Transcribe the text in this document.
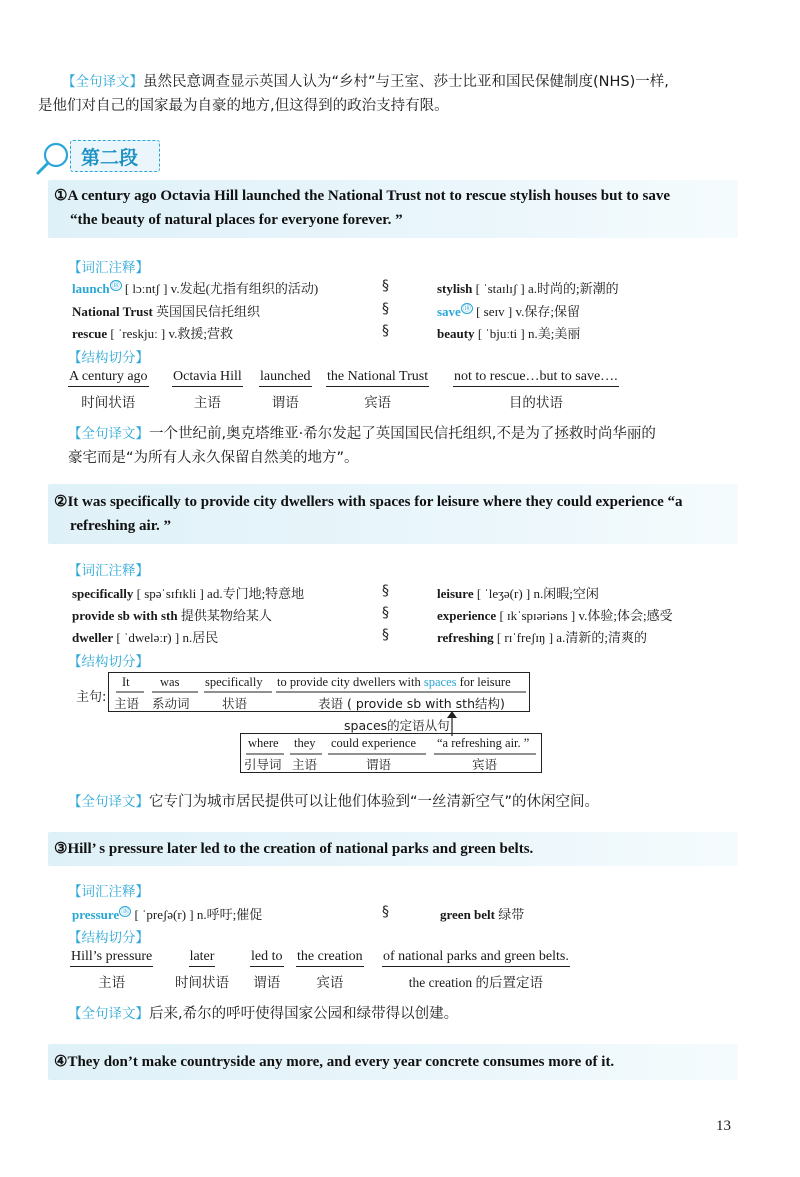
【全句译文】虽然民意调查显示英国人认为“乡村”与王室、莎士比亚和国民保健制度(NHS)一样,
是他们对自己的国家最为自豪的地方,但这得到的政治支持有限。
第二段
①A century ago Octavia Hill launched the National Trust not to rescue stylish houses but to save
“the beauty of natural places for everyone forever. ”
【词汇注释】
launch ⑱ [ lɔːntʃ ] v.发起(尤指有组织的活动)
National Trust 英国国民信托组织
rescue [ ˈreskjuː ] v.救援;营救
§
§
§
stylish [ ˈstaɪlɪʃ ] a.时尚的;新潮的
save ⑱ [ seɪv ] v.保存;保留
beauty [ ˈbjuːti ] n.美;美丽
【结构切分】
A century ago
时间状语
Octavia Hill
主语
launched
谓语
the National Trust
宾语
not to rescue…but to save….
目的状语
【全句译文】一个世纪前,奥克塔维亚·希尔发起了英国国民信托组织,不是为了拯救时尚华丽的
豪宅而是“为所有人永久保留自然美的地方”。
②It was specifically to provide city dwellers with spaces for leisure where they could experience “a
refreshing air. ”
【词汇注释】
specifically [ spəˈsɪfɪkli ] ad.专门地;特意地
provide sb with sth 提供某物给某人
dweller [ ˈdweləːr) ] n.居民
§
§
§
leisure [ ˈleʒə(r) ] n.闲暇;空闲
experience [ ɪkˈspɪəriəns ] v.体验;体会;感受
refreshing [ rɪˈfreʃɪŋ ] a.清新的;清爽的
【结构切分】
主句:
It
主语
was
系动词
specifically
状语
to provide city dwellers with spaces for leisure
表语 ( provide sb with sth结构)
spaces的定语从句
where
引导词
they
主语
could experience
谓语
“a refreshing air. ”
宾语
【全句译文】它专门为城市居民提供可以让他们体验到“一丝清新空气”的休闲空间。
③Hill’ s pressure later led to the creation of national parks and green belts.
【词汇注释】
pressure ⑱ [ ˈpreʃə(r) ] n.呼吁;催促	§	green belt 绿带
【结构切分】
Hill’s pressure
主语
later
时间状语
led to
谓语
the creation
宾语
of national parks and green belts.
the creation 的后置定语
【全句译文】后来,希尔的呼吁使得国家公园和绿带得以创建。
④They don’t make countryside any more, and every year concrete consumes more of it.
13
